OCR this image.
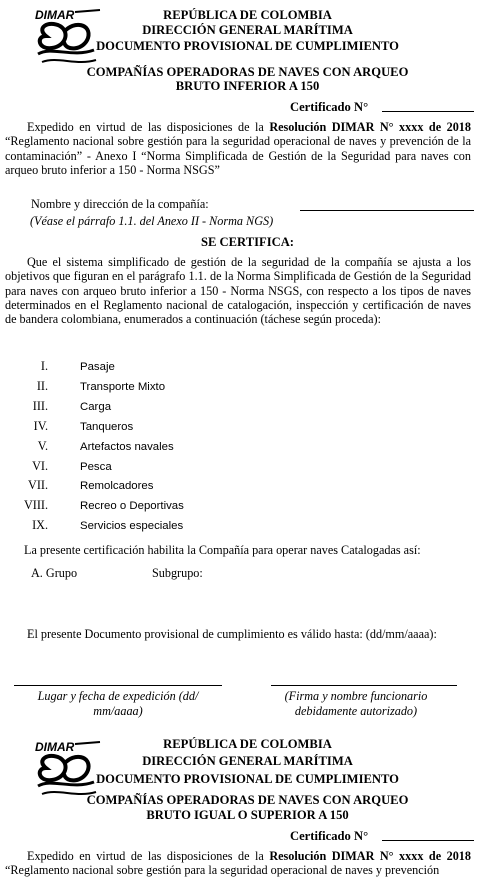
DIMAR	REPÚBLICA DE COLOMBIA
DIRECCIÓN GENERAL MARÍTIMA
DOCUMENTO PROVISIONAL DE CUMPLIMIENTO
COMPAÑÍAS OPERADORAS DE NAVES CON ARQUEO
BRUTO INFERIOR A 150
Certificado N°
Expedido en virtud de las disposiciones de la Resolución DIMAR N° xxxx de 2018 “Reglamento nacional sobre gestión para la seguridad operacional de naves y prevención de la contaminación” - Anexo I “Norma Simplificada de Gestión de la Seguridad para naves con arqueo bruto inferior a 150 - Norma NSGS”
Nombre y dirección de la compañía:
(Véase el párrafo 1.1. del Anexo II - Norma NGS)
SE CERTIFICA:
Que el sistema simplificado de gestión de la seguridad de la compañía se ajusta a los objetivos que figuran en el parágrafo 1.1. de la Norma Simplificada de Gestión de la Seguridad para naves con arqueo bruto inferior a 150 - Norma NSGS, con respecto a los tipos de naves determinados en el Reglamento nacional de catalogación, inspección y certificación de naves de bandera colombiana, enumerados a continuación (táchese según proceda):
I.	Pasaje
II.	Transporte Mixto
III.	Carga
IV.	Tanqueros
V.	Artefactos navales
VI.	Pesca
VII.	Remolcadores
VIII.	Recreo o Deportivas
IX.	Servicios especiales
La presente certificación habilita la Compañía para operar naves Catalogadas así:
A. Grupo	Subgrupo:
El presente Documento provisional de cumplimiento es válido hasta: (dd/mm/aaaa):
Lugar y fecha de expedición (dd/
mm/aaaa)
(Firma y nombre funcionario
debidamente autorizado)
DIMAR	REPÚBLICA DE COLOMBIA
DIRECCIÓN GENERAL MARÍTIMA
DOCUMENTO PROVISIONAL DE CUMPLIMIENTO
COMPAÑÍAS OPERADORAS DE NAVES CON ARQUEO
BRUTO IGUAL O SUPERIOR A 150
Certificado N°
Expedido en virtud de las disposiciones de la Resolución DIMAR N° xxxx de 2018 “Reglamento nacional sobre gestión para la seguridad operacional de naves y prevención
